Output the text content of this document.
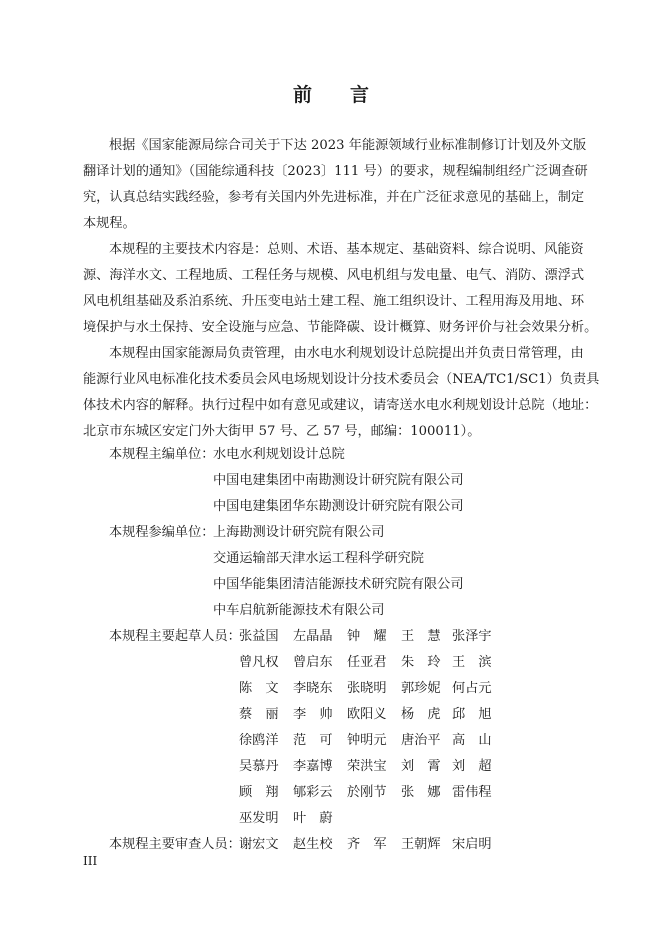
前 言

根据《国家能源局综合司关于下达 2023 年能源领域行业标准制修订计划及外文版
翻译计划的通知》（国能综通科技〔2023〕111 号）的要求，规程编制组经广泛调查研
究，认真总结实践经验，参考有关国内外先进标准，并在广泛征求意见的基础上，制定
本规程。

本规程的主要技术内容是：总则、术语、基本规定、基础资料、综合说明、风能资
源、海洋水文、工程地质、工程任务与规模、风电机组与发电量、电气、消防、漂浮式
风电机组基础及系泊系统、升压变电站土建工程、施工组织设计、工程用海及用地、环
境保护与水土保持、安全设施与应急、节能降碳、设计概算、财务评价与社会效果分析。

本规程由国家能源局负责管理，由水电水利规划设计总院提出并负责日常管理，由
能源行业风电标准化技术委员会风电场规划设计分技术委员会（NEA/TC1/SC1）负责具
体技术内容的解释。执行过程中如有意见或建议，请寄送水电水利规划设计总院（地址：
北京市东城区安定门外大街甲 57 号、乙 57 号，邮编：100011）。

本规程主编单位：
水电水利规划设计总院
中国电建集团中南勘测设计研究院有限公司
中国电建集团华东勘测设计研究院有限公司
本规程参编单位：
上海勘测设计研究院有限公司
交通运输部天津水运工程科学研究院
中国华能集团清洁能源技术研究院有限公司
中车启航新能源技术有限公司
本规程主要起草人员：
张益国 左晶晶 钟耀 王慧
张泽宇
曾凡权 曾启东 任亚君 朱玲
王滨
陈文 李晓东 张晓明 郭珍妮 何占元
蔡丽 李帅 欧阳义 杨虎
邱旭
徐鸥洋 范可 钟明元 唐治平 高山
吴慕丹 李嘉博 荣洪宝 刘霄
刘超
顾翔 郇彩云 於刚节 张娜
雷伟程
巫发明 叶蔚
本规程主要审查人员：
谢宏文 赵生校 齐军 王朝辉 宋启明
III
